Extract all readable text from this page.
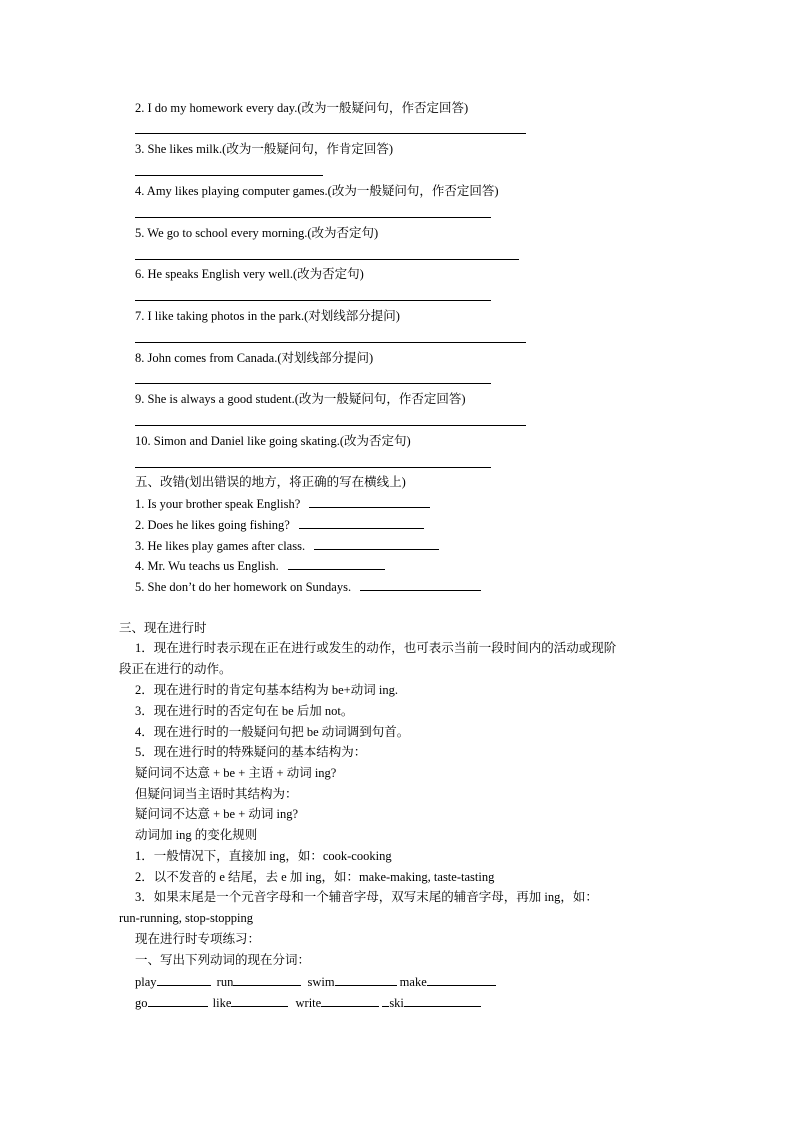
2. I do my homework every day.(改为一般疑问句，作否定回答)
3. She likes milk.(改为一般疑问句，作肯定回答)
4. Amy likes playing computer games.(改为一般疑问句，作否定回答)
5. We go to school every morning.(改为否定句)
6. He speaks English very well.(改为否定句)
7. I like taking photos in the park.(对划线部分提问)
8. John comes from Canada.(对划线部分提问)
9. She is always a good student.(改为一般疑问句，作否定回答)
10. Simon and Daniel like going skating.(改为否定句)
五、改错(划出错误的地方，将正确的写在横线上)
1. Is your brother speak English?
2. Does he likes going fishing?
3. He likes play games after class.
4. Mr. Wu teachs us English.
5. She don’t do her homework on Sundays.
三、现在进行时
1．现在进行时表示现在正在进行或发生的动作，也可表示当前一段时间内的活动或现阶
段正在进行的动作。
2．现在进行时的肯定句基本结构为 be+动词 ing.
3．现在进行时的否定句在 be 后加 not。
4．现在进行时的一般疑问句把 be 动词调到句首。
5．现在进行时的特殊疑问的基本结构为：
疑问词不达意 + be + 主语 + 动词 ing?
但疑问词当主语时其结构为：
疑问词不达意 + be + 动词 ing?
动词加 ing 的变化规则
1．一般情况下，直接加 ing，如：cook-cooking
2．以不发音的 e 结尾，去 e 加 ing，如：make-making, taste-tasting
3．如果末尾是一个元音字母和一个辅音字母，双写末尾的辅音字母，再加 ing，如：
run-running, stop-stopping
现在进行时专项练习：
一、写出下列动词的现在分词：
play	run	swim	make
go	like	write	ski
